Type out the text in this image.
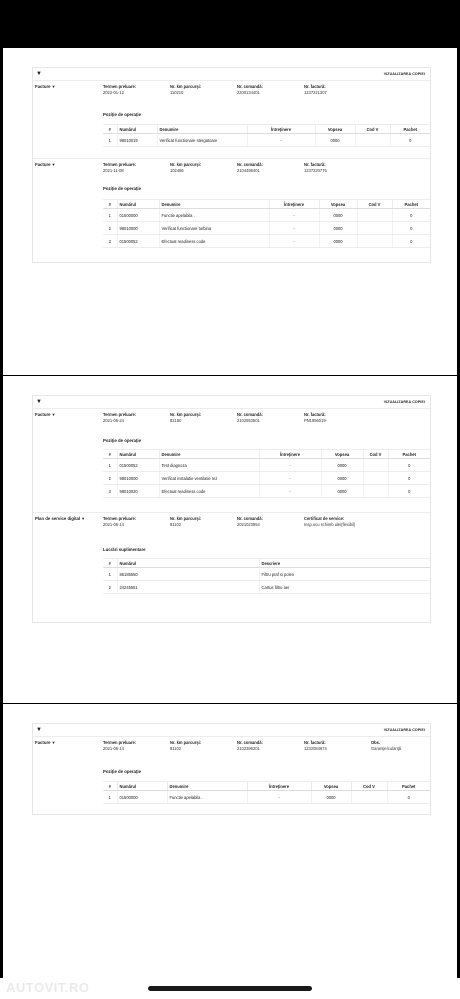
▼	VIZUALIZAREA COPIEI
Facture▼	Termen preluare:
2022-01-12
Nr. km parcurşi:
110210
Nr. comandă:
2200134401
Nr. factură:
1237221307
Poziţie de operaţie
#	Numărul	Denumire	Întreţinere	Vopsea	Cod V	Pachet
1	98010019	Verificat functionare stergatoare	-	0000		0
Facture▼	Termen preluare:
2021-11-08
Nr. km parcurşi:
102486
Nr. comandă:
2104498401
Nr. factură:
1237220776
Poziţie de operaţie
#	Numărul	Denumire	Întreţinere	Vopsea	Cod V	Pachet
1	01500000	Functie apelabila .	-	0000		0
2	98010000	Verificat functionare turbina	-	0000		0
3	01500052	Efectuat readiness code	-	0000		0
▼	VIZUALIZAREA COPIEI
Facture▼	Termen preluare:
2021-06-24
Nr. km parcurşi:
82150
Nr. comandă:
2102553501
Nr. factură:
PN1856019-
Poziţie de operaţie
#	Numărul	Denumire	Întreţinere	Vopsea	Cod V	Pachet
1	01500052	Test diagnoza	-	0000		0
2	98010000	Verificat instalatie ventilatie rez	-	0000		0
3	98010020	Efectuat readiness code	-	0000		0
Plan de service digital▼	Termen preluare:
2021-06-14
Nr. km parcurşi:
81102
Nr. comandă:
2021023954
Certificat de service:
Insp.ocu schimb ulei(flexibil)
Lucrări suplimentare
#	Numărul	Descriere
1	85185550	Filtru praf si polen
2	24245551	Cartus filtru aer
▼	VIZUALIZAREA COPIEI
Facture▼	Termen preluare:
2021-06-14
Nr. km parcurşi:
81102
Nr. comandă:
2102396201
Nr. factură:
1232084674
Obs.
Garanţie/culanţă
Poziţie de operaţie
#	Numărul	Denumire	Întreţinere	Vopsea	Cod V	Pachet
1	01500000	Functie apelabila .	-	0000		0
AUTOVIT.RO
